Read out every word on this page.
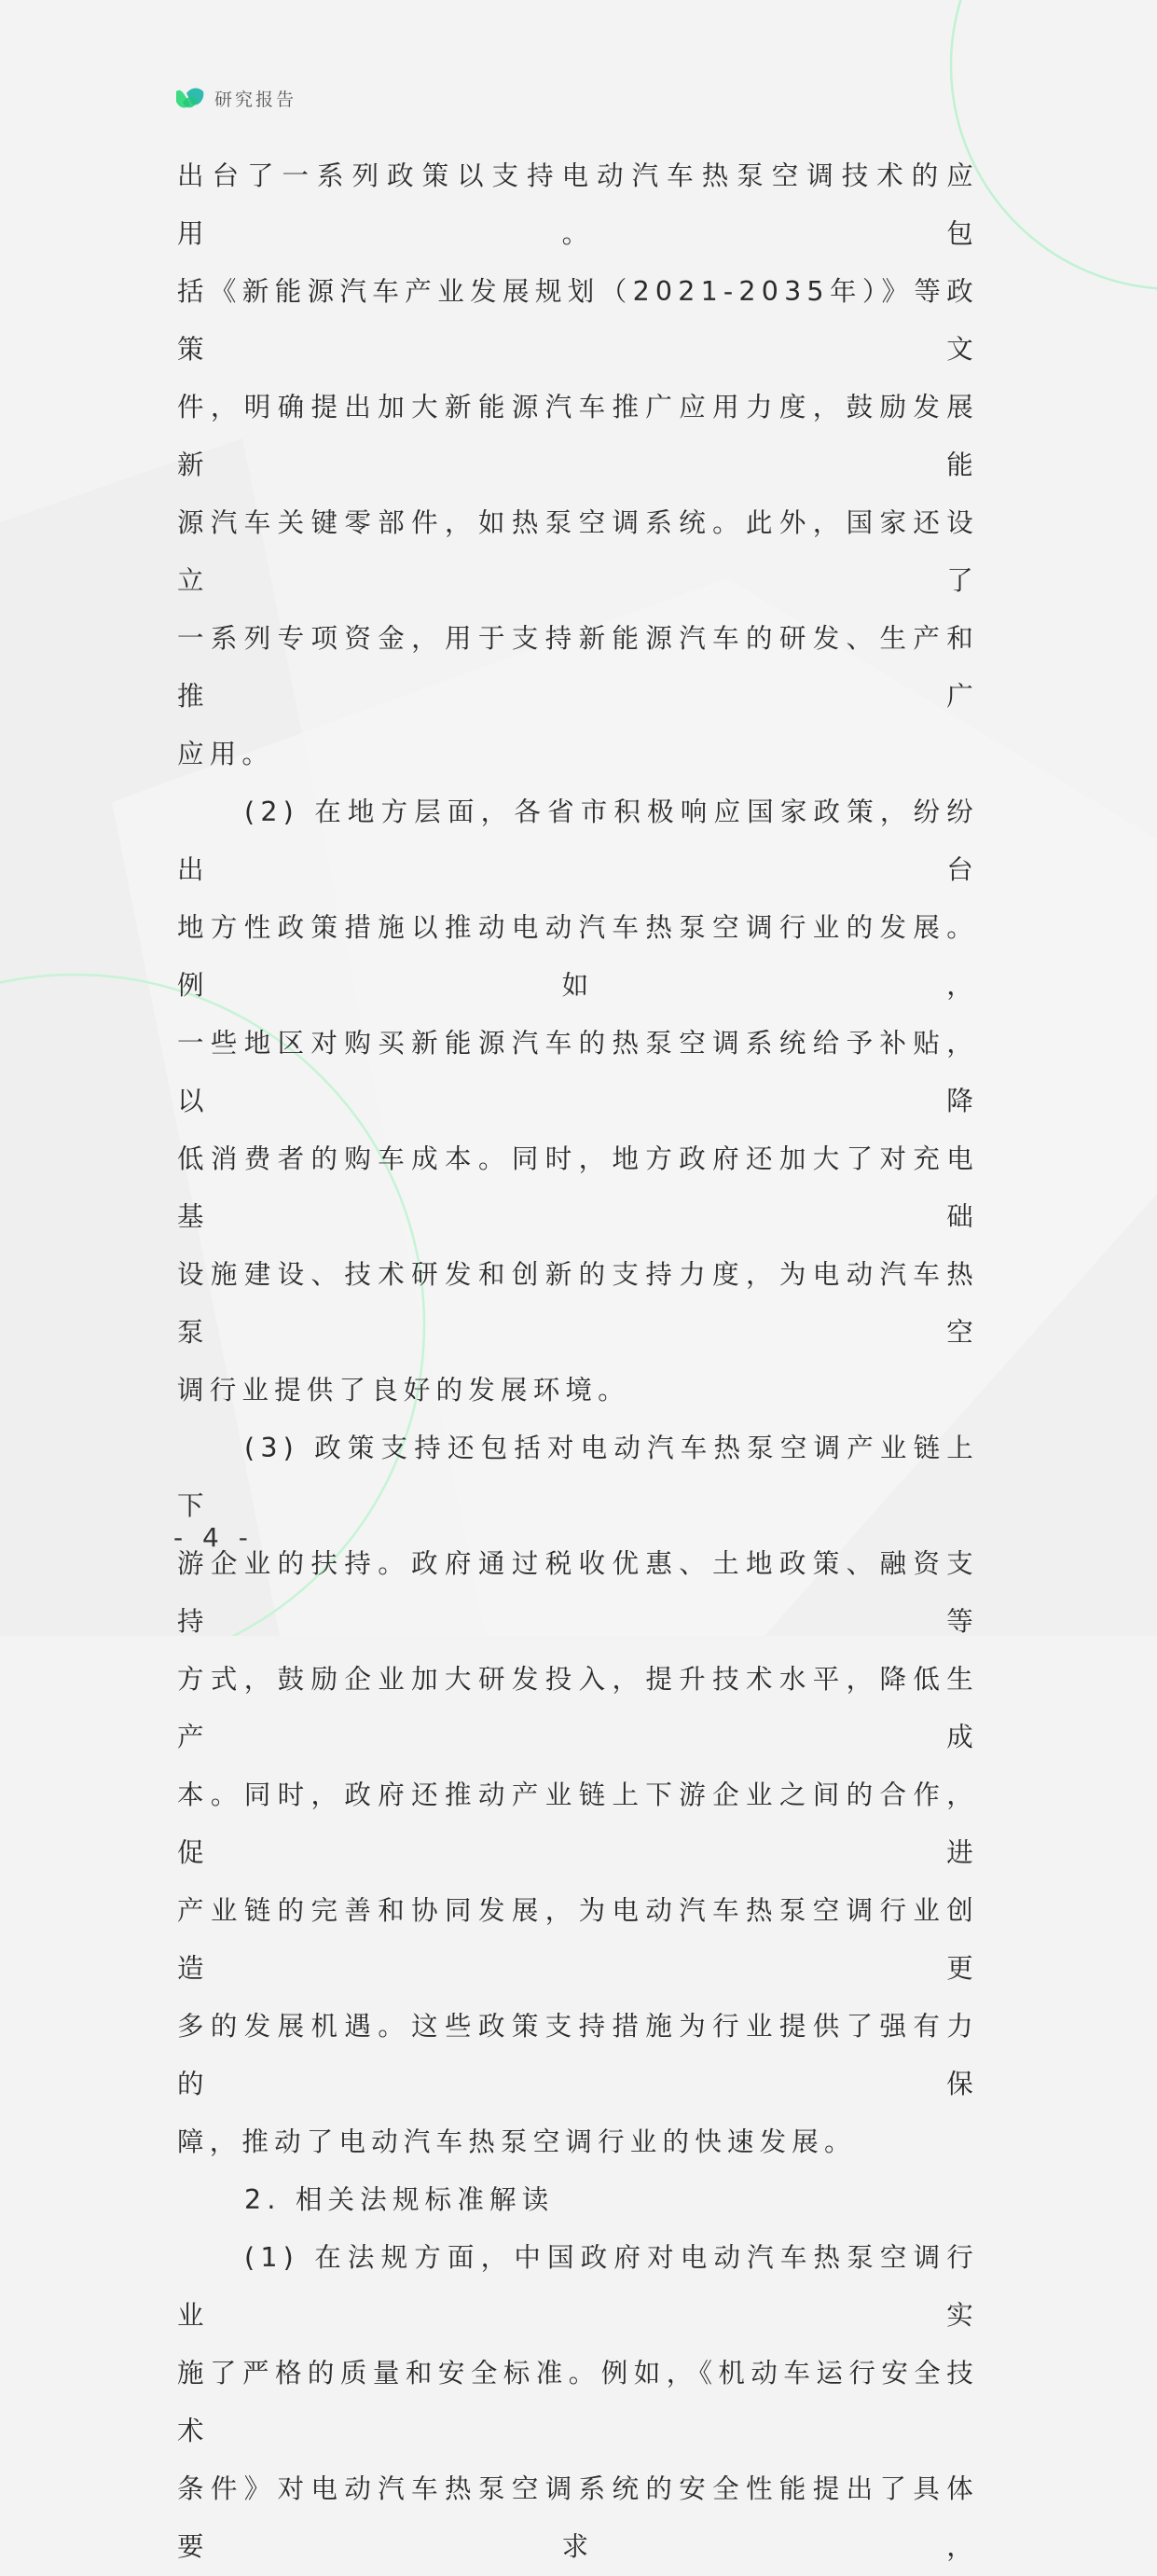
研究报告

出台了一系列政策以支持电动汽车热泵空调技术的应用。包

括《新能源汽车产业发展规划（2021-2035年）》等政策文

件，明确提出加大新能源汽车推广应用力度，鼓励发展新能

源汽车关键零部件，如热泵空调系统。此外，国家还设立了

一系列专项资金，用于支持新能源汽车的研发、生产和推广

应用。

(2) 在地方层面，各省市积极响应国家政策，纷纷出台

地方性政策措施以推动电动汽车热泵空调行业的发展。例如，

一些地区对购买新能源汽车的热泵空调系统给予补贴，以降

低消费者的购车成本。同时，地方政府还加大了对充电基础

设施建设、技术研发和创新的支持力度，为电动汽车热泵空

调行业提供了良好的发展环境。

(3) 政策支持还包括对电动汽车热泵空调产业链上下

游企业的扶持。政府通过税收优惠、土地政策、融资支持等

方式，鼓励企业加大研发投入，提升技术水平，降低生产成

本。同时，政府还推动产业链上下游企业之间的合作，促进

产业链的完善和协同发展，为电动汽车热泵空调行业创造更

多的发展机遇。这些政策支持措施为行业提供了强有力的保

障，推动了电动汽车热泵空调行业的快速发展。

2. 相关法规标准解读

(1) 在法规方面，中国政府对电动汽车热泵空调行业实

施了严格的质量和安全标准。例如，《机动车运行安全技术

条件》对电动汽车热泵空调系统的安全性能提出了具体要求，

- 4 -
